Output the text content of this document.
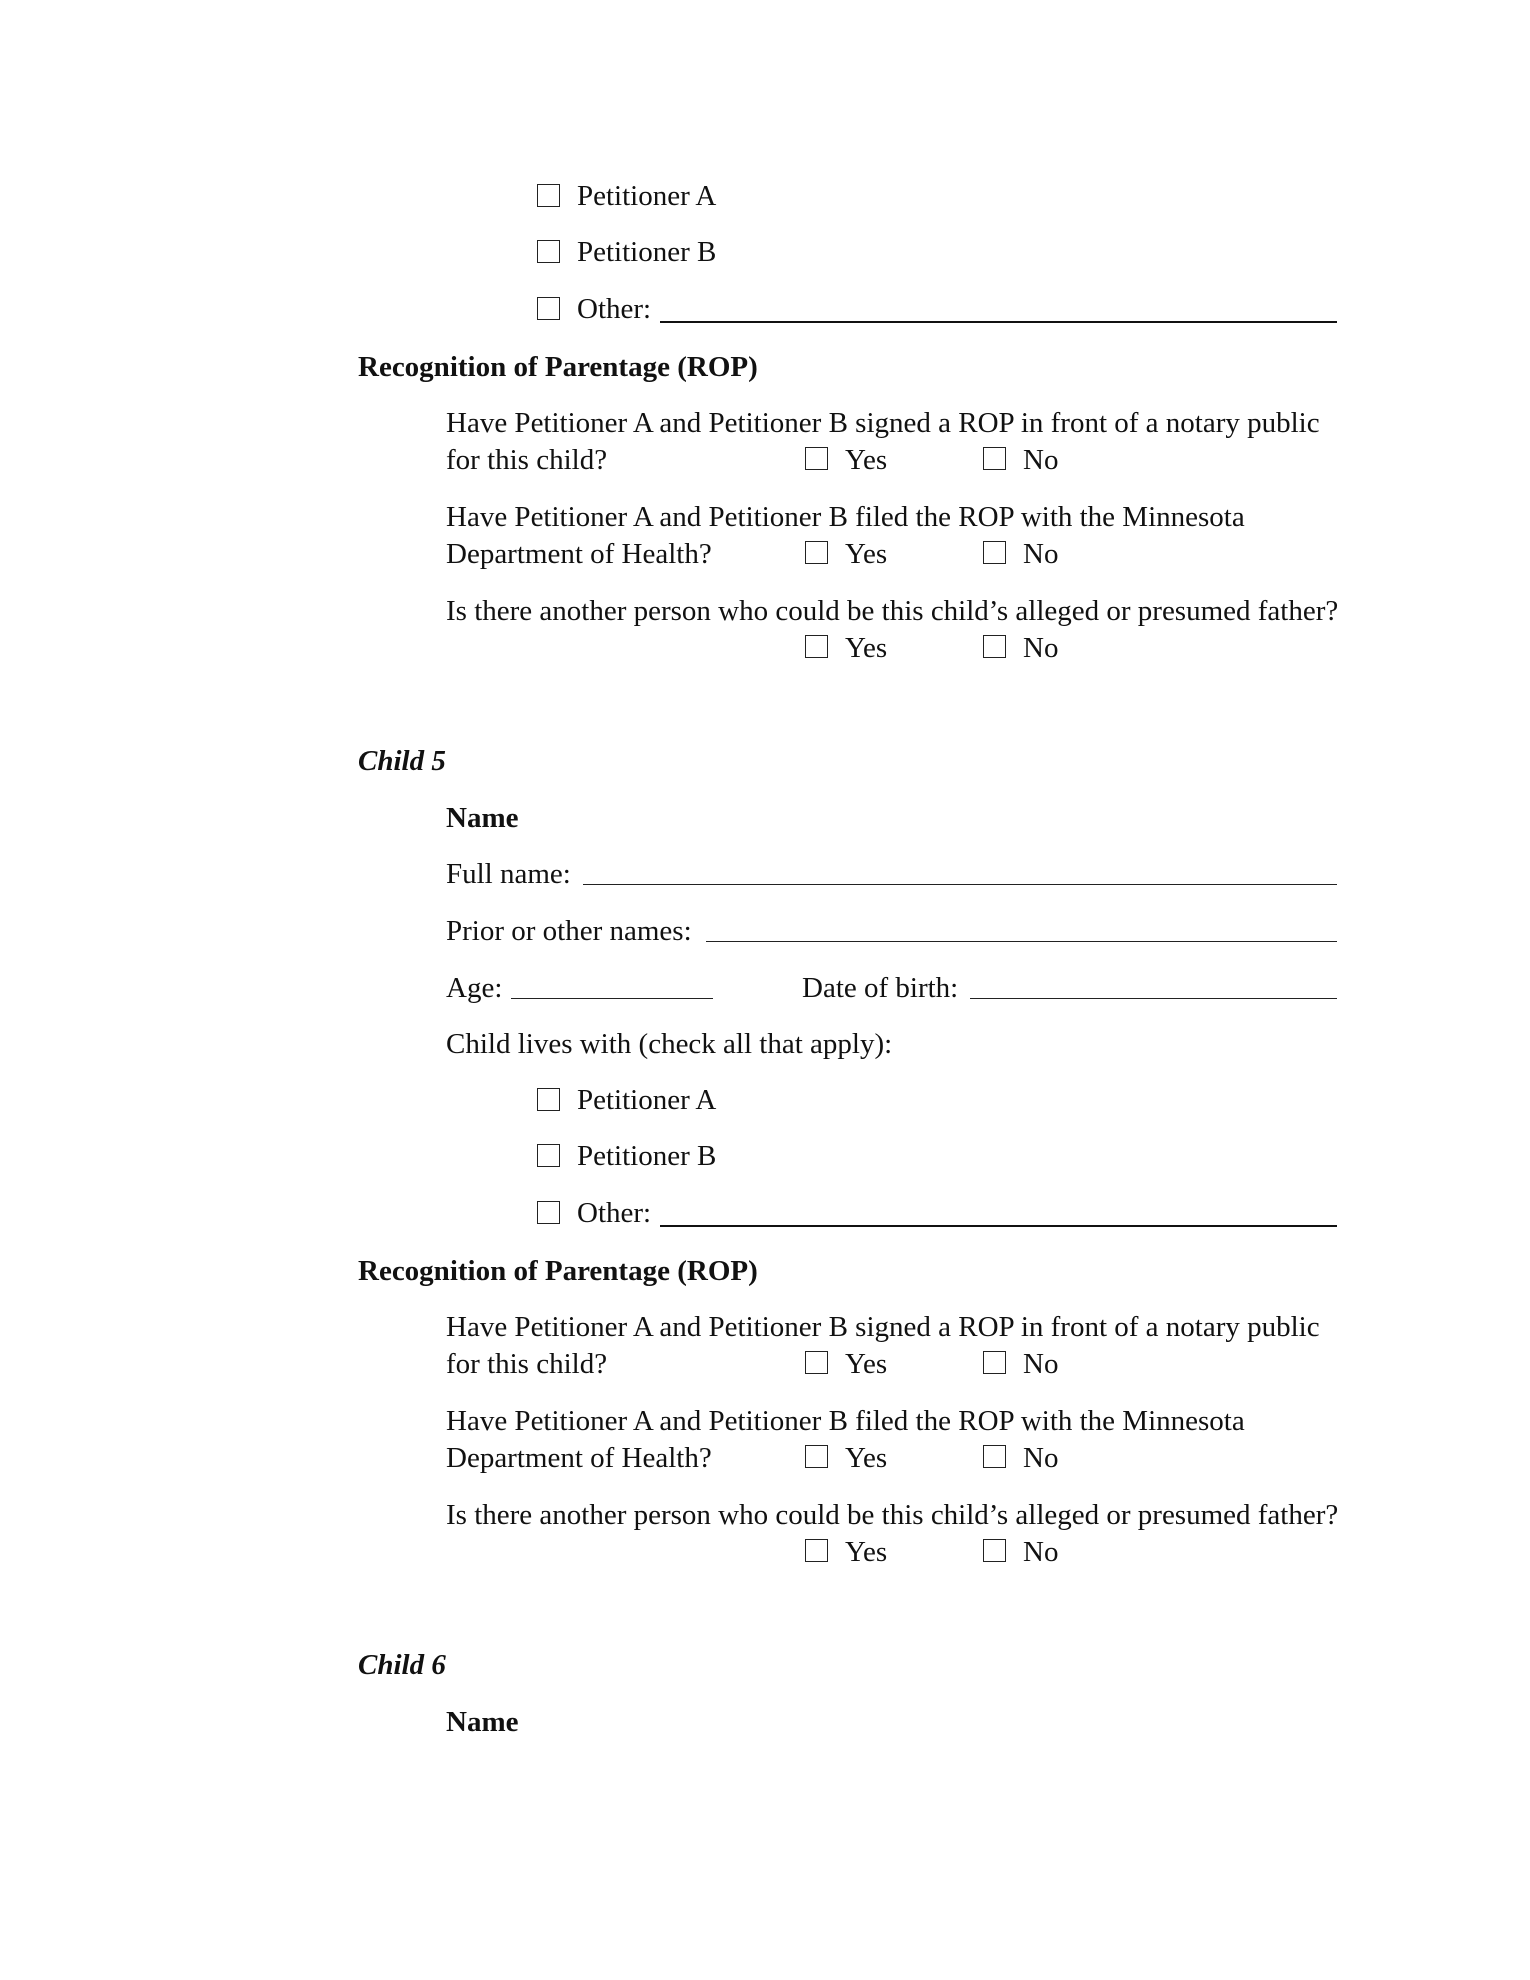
Petitioner A
Petitioner B
Other:
Recognition of Parentage (ROP)
Have Petitioner A and Petitioner B signed a ROP in front of a notary public
for this child?	Yes	No
Have Petitioner A and Petitioner B filed the ROP with the Minnesota
Department of Health?	Yes	No
Is there another person who could be this child’s alleged or presumed father?
Yes	No
Child 5
Name
Full name:
Prior or other names:
Age:	Date of birth:
Child lives with (check all that apply):
Petitioner A
Petitioner B
Other:
Recognition of Parentage (ROP)
Have Petitioner A and Petitioner B signed a ROP in front of a notary public
for this child?	Yes	No
Have Petitioner A and Petitioner B filed the ROP with the Minnesota
Department of Health?	Yes	No
Is there another person who could be this child’s alleged or presumed father?
Yes	No
Child 6
Name
